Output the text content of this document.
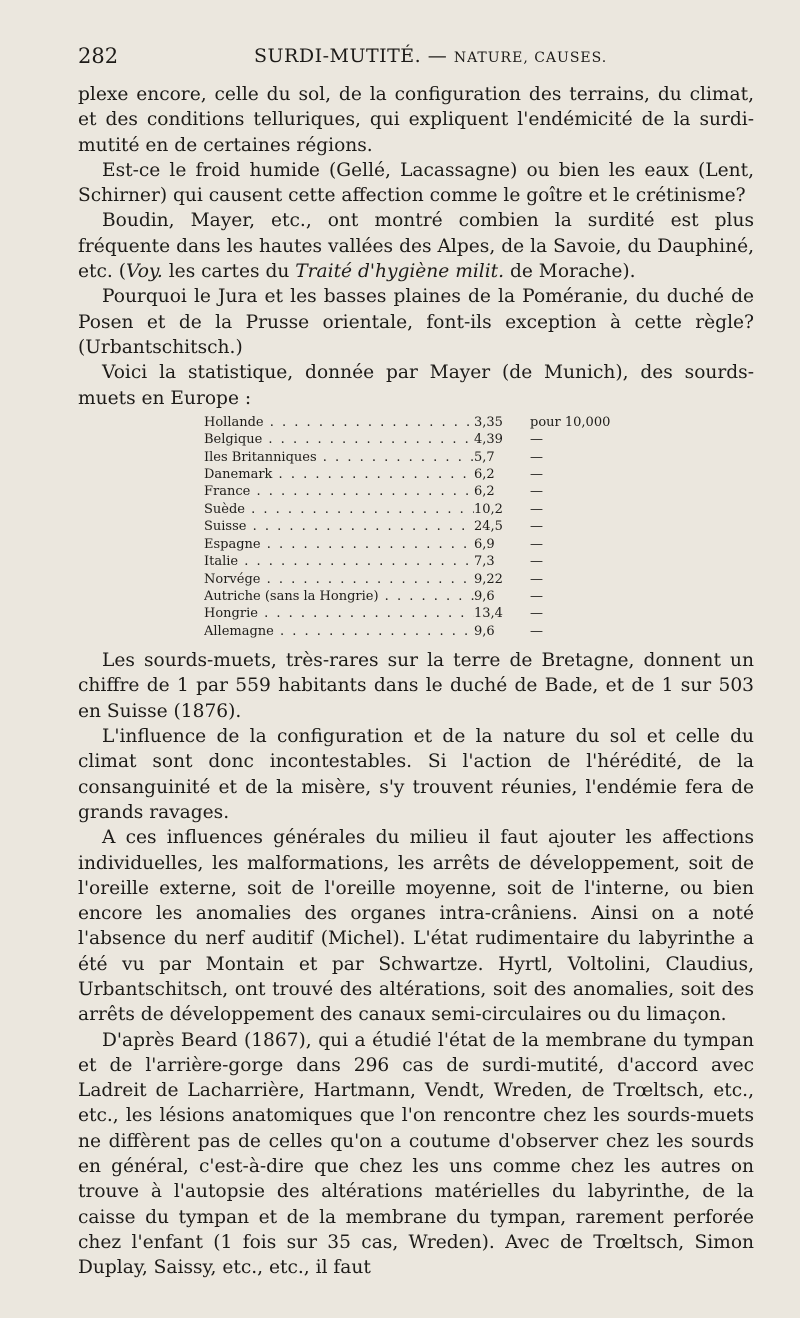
282	SURDI-MUTITÉ. — NATURE, CAUSES.

plexe encore, celle du sol, de la configuration des terrains, du climat, et des conditions telluriques, qui expliquent l'endémicité de la surdi-mutité en de certaines régions.

Est-ce le froid humide (Gellé, Lacassagne) ou bien les eaux (Lent, Schirner) qui causent cette affection comme le goître et le crétinisme?

Boudin, Mayer, etc., ont montré combien la surdité est plus fréquente dans les hautes vallées des Alpes, de la Savoie, du Dauphiné, etc. (Voy. les cartes du Traité d'hygiène milit. de Morache).

Pourquoi le Jura et les basses plaines de la Poméranie, du duché de Posen et de la Prusse orientale, font-ils exception à cette règle? (Urbantschitsch.)

Voici la statistique, donnée par Mayer (de Munich), des sourds-muets en Europe :

Hollande . . .	3,35	pour 10,000
Belgique . . .	4,39	—
Iles Britanniques . . .	5,7	—
Danemark . . .	6,2	—
France . . .	6,2	—
Suède . . .	10,2	—
Suisse . . .	24,5	—
Espagne . . .	6,9	—
Italie . . .	7,3	—
Norvége . . .	9,22	—
Autriche (sans la Hongrie) . . .	9,6	—
Hongrie . . .	13,4	—
Allemagne . . .	9,6	—

Les sourds-muets, très-rares sur la terre de Bretagne, donnent un chiffre de 1 par 559 habitants dans le duché de Bade, et de 1 sur 503 en Suisse (1876).

L'influence de la configuration et de la nature du sol et celle du climat sont donc incontestables. Si l'action de l'hérédité, de la consanguinité et de la misère, s'y trouvent réunies, l'endémie fera de grands ravages.

A ces influences générales du milieu il faut ajouter les affections individuelles, les malformations, les arrêts de développement, soit de l'oreille externe, soit de l'oreille moyenne, soit de l'interne, ou bien encore les anomalies des organes intra-crâniens. Ainsi on a noté l'absence du nerf auditif (Michel). L'état rudimentaire du labyrinthe a été vu par Montain et par Schwartze. Hyrtl, Voltolini, Claudius, Urbantschitsch, ont trouvé des altérations, soit des anomalies, soit des arrêts de développement des canaux semi-circulaires ou du limaçon.

D'après Beard (1867), qui a étudié l'état de la membrane du tympan et de l'arrière-gorge dans 296 cas de surdi-mutité, d'accord avec Ladreit de Lacharrière, Hartmann, Vendt, Wreden, de Trœltsch, etc., etc., les lésions anatomiques que l'on rencontre chez les sourds-muets ne diffèrent pas de celles qu'on a coutume d'observer chez les sourds en général, c'est-à-dire que chez les uns comme chez les autres on trouve à l'autopsie des altérations matérielles du labyrinthe, de la caisse du tympan et de la membrane du tympan, rarement perforée chez l'enfant (1 fois sur 35 cas, Wreden). Avec de Trœltsch, Simon Duplay, Saissy, etc., etc., il faut
